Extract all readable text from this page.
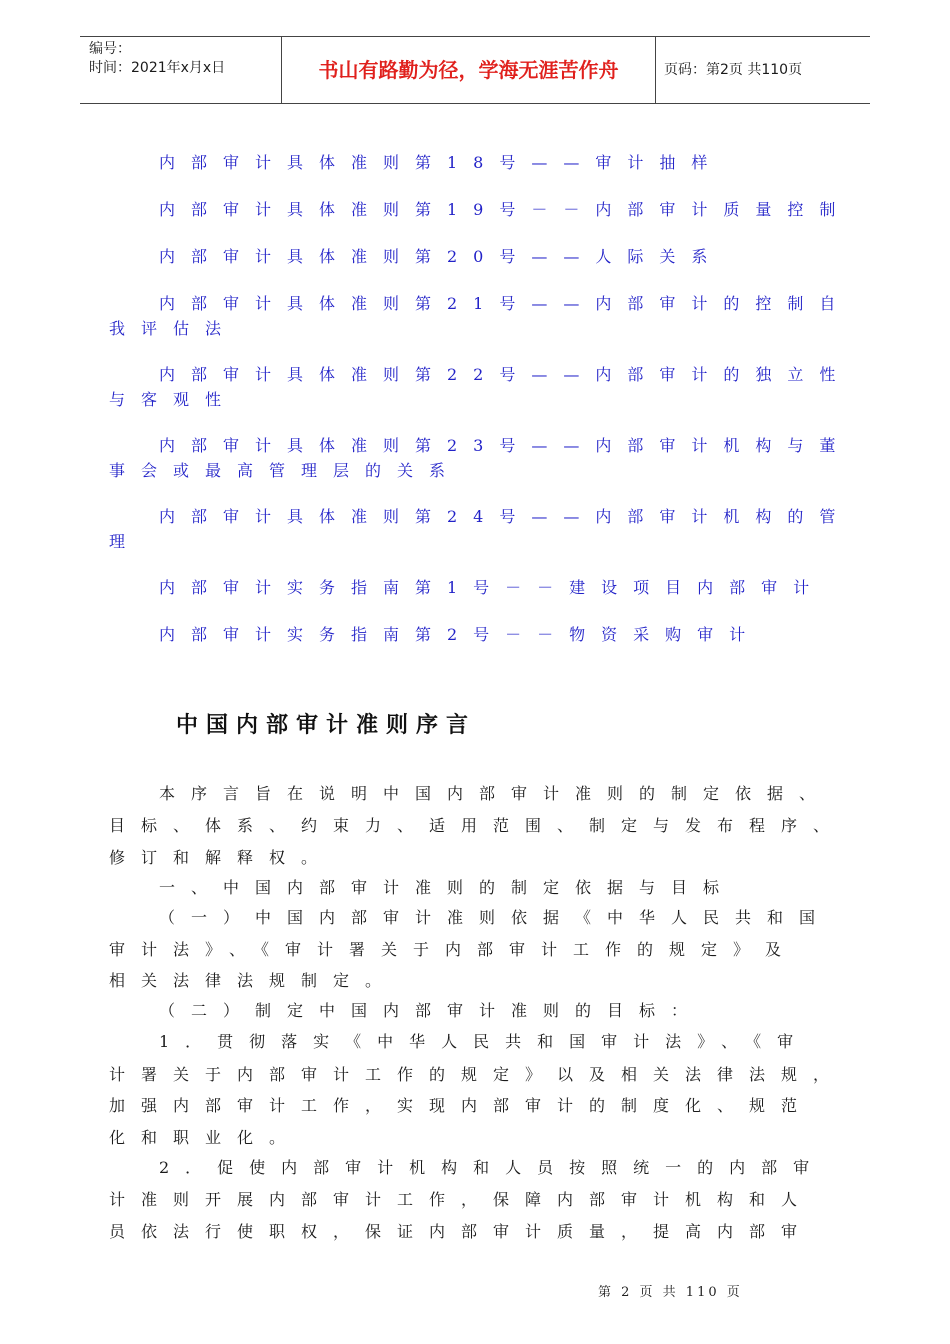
编号：
时间：2021年x月x日	书山有路勤为径，学海无涯苦作舟	页码：第2页 共110页
内部审计具体准则第18号——审计抽样
内部审计具体准则第19号－－内部审计质量控制
内部审计具体准则第20号——人际关系
内部审计具体准则第21号——内部审计的控制自
我评估法
内部审计具体准则第22号——内部审计的独立性
与客观性
内部审计具体准则第23号——内部审计机构与董
事会或最高管理层的关系
内部审计具体准则第24号——内部审计机构的管
理
内部审计实务指南第1号－－建设项目内部审计
内部审计实务指南第2号－－物资采购审计
中国内部审计准则序言
本序言旨在说明中国内部审计准则的制定依据、
目标、体系、约束力、适用范围、制定与发布程序、
修订和解释权。
一、中国内部审计准则的制定依据与目标
（一）中国内部审计准则依据《中华人民共和国
审计法》、《审计署关于内部审计工作的规定》及
相关法律法规制定。
（二）制定中国内部审计准则的目标：
1．贯彻落实《中华人民共和国审计法》、《审
计署关于内部审计工作的规定》以及相关法律法规，
加强内部审计工作，实现内部审计的制度化、规范
化和职业化。
2．促使内部审计机构和人员按照统一的内部审
计准则开展内部审计工作，保障内部审计机构和人
员依法行使职权，保证内部审计质量，提高内部审
第 2 页 共 110 页
